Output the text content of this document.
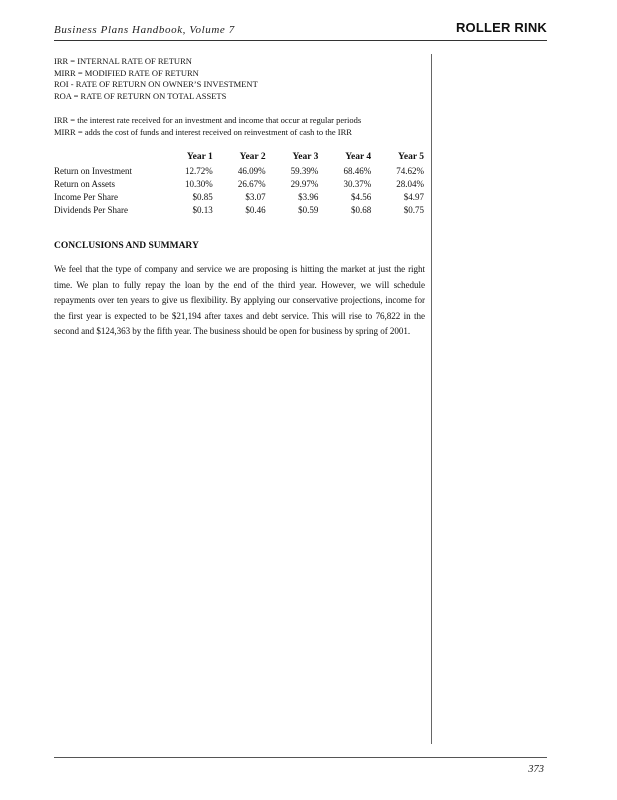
Business Plans Handbook, Volume 7	ROLLER RINK
IRR = INTERNAL RATE OF RETURN
MIRR = MODIFIED RATE OF RETURN
ROI - RATE OF RETURN ON OWNER’S INVESTMENT
ROA = RATE OF RETURN ON TOTAL ASSETS
IRR = the interest rate received for an investment and income that occur at regular periods
MIRR = adds the cost of funds and interest received on reinvestment of cash to the IRR
	Year 1	Year 2	Year 3	Year 4	Year 5
Return on Investment	12.72%	46.09%	59.39%	68.46%	74.62%
Return on Assets	10.30%	26.67%	29.97%	30.37%	28.04%
Income Per Share	$0.85	$3.07	$3.96	$4.56	$4.97
Dividends Per Share	$0.13	$0.46	$0.59	$0.68	$0.75
CONCLUSIONS AND SUMMARY
We feel that the type of company and service we are proposing is hitting the market at just the right time. We plan to fully repay the loan by the end of the third year. However, we will schedule repayments over ten years to give us flexibility. By applying our conservative projections, income for the first year is expected to be $21,194 after taxes and debt service. This will rise to 76,822 in the second and $124,363 by the fifth year. The business should be open for business by spring of 2001.
373
